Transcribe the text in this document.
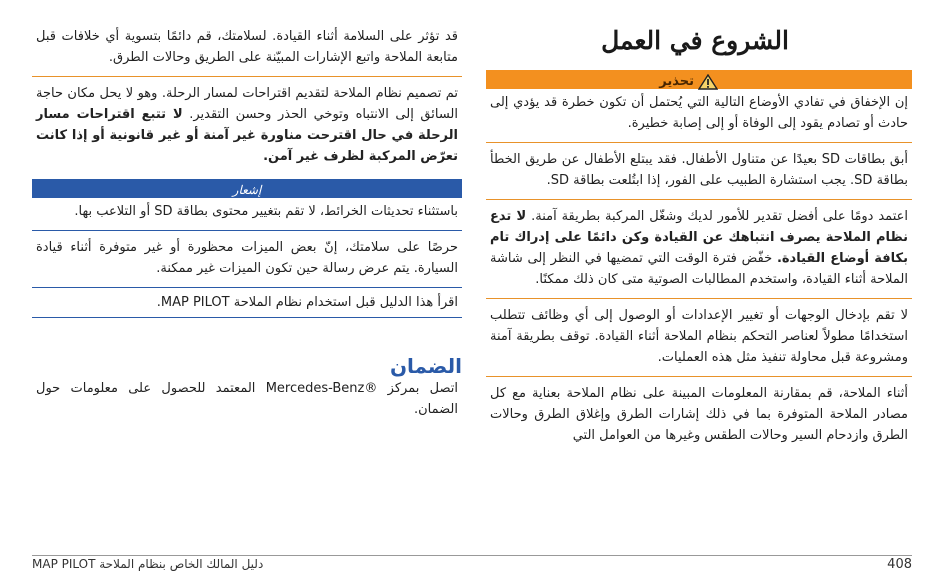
الشروع في العمل
تحذير

إن الإخفاق في تفادي الأوضاع التالية التي يُحتمل أن تكون خطرة قد يؤدي إلى حادث أو تصادم يقود إلى الوفاة أو إلى إصابة خطيرة.

أبق بطاقات SD بعيدًا عن متناول الأطفال. فقد يبتلع الأطفال عن طريق الخطأ بطاقة SD. يجب استشارة الطبيب على الفور، إذا ابتُلعت بطاقة SD.

اعتمد دومًا على أفضل تقدير للأمور لديك وشغّل المركبة بطريقة آمنة. لا تدع نظام الملاحة يصرف انتباهك عن القيادة وكن دائمًا على إدراك تام بكافة أوضاع القيادة. خفّض فترة الوقت التي تمضيها في النظر إلى شاشة الملاحة أثناء القيادة، واستخدم المطالبات الصوتية متى كان ذلك ممكنًا.

لا تقم بإدخال الوجهات أو تغيير الإعدادات أو الوصول إلى أي وظائف تتطلب استخدامًا مطولاً لعناصر التحكم بنظام الملاحة أثناء القيادة. توقف بطريقة آمنة ومشروعة قبل محاولة تنفيذ مثل هذه العمليات.

أثناء الملاحة، قم بمقارنة المعلومات المبينة على نظام الملاحة بعناية مع كل مصادر الملاحة المتوفرة بما في ذلك إشارات الطرق وإغلاق الطرق وحالات الطرق وازدحام السير وحالات الطقس وغيرها من العوامل التي

قد تؤثر على السلامة أثناء القيادة. لسلامتك، قم دائمًا بتسوية أي خلافات قبل متابعة الملاحة واتبع الإشارات المبيّنة على الطريق وحالات الطرق.

تم تصميم نظام الملاحة لتقديم اقتراحات لمسار الرحلة. وهو لا يحل مكان حاجة السائق إلى الانتباه وتوخي الحذر وحسن التقدير. لا تتبع اقتراحات مسار الرحلة في حال اقترحت مناورة غير آمنة أو غير قانونية أو إذا كانت تعرّض المركبة لظرف غير آمن.

إشعار

باستثناء تحديثات الخرائط، لا تقم بتغيير محتوى بطاقة SD أو التلاعب بها.

حرصًا على سلامتك، إنّ بعض الميزات محظورة أو غير متوفرة أثناء قيادة السيارة. يتم عرض رسالة حين تكون الميزات غير ممكنة.

اقرأ هذا الدليل قبل استخدام نظام الملاحة MAP PILOT.

الضمان

اتصل بمركز ®Mercedes-Benz المعتمد للحصول على معلومات حول الضمان.

دليل المالك الخاص بنظام الملاحة MAP PILOT	408
